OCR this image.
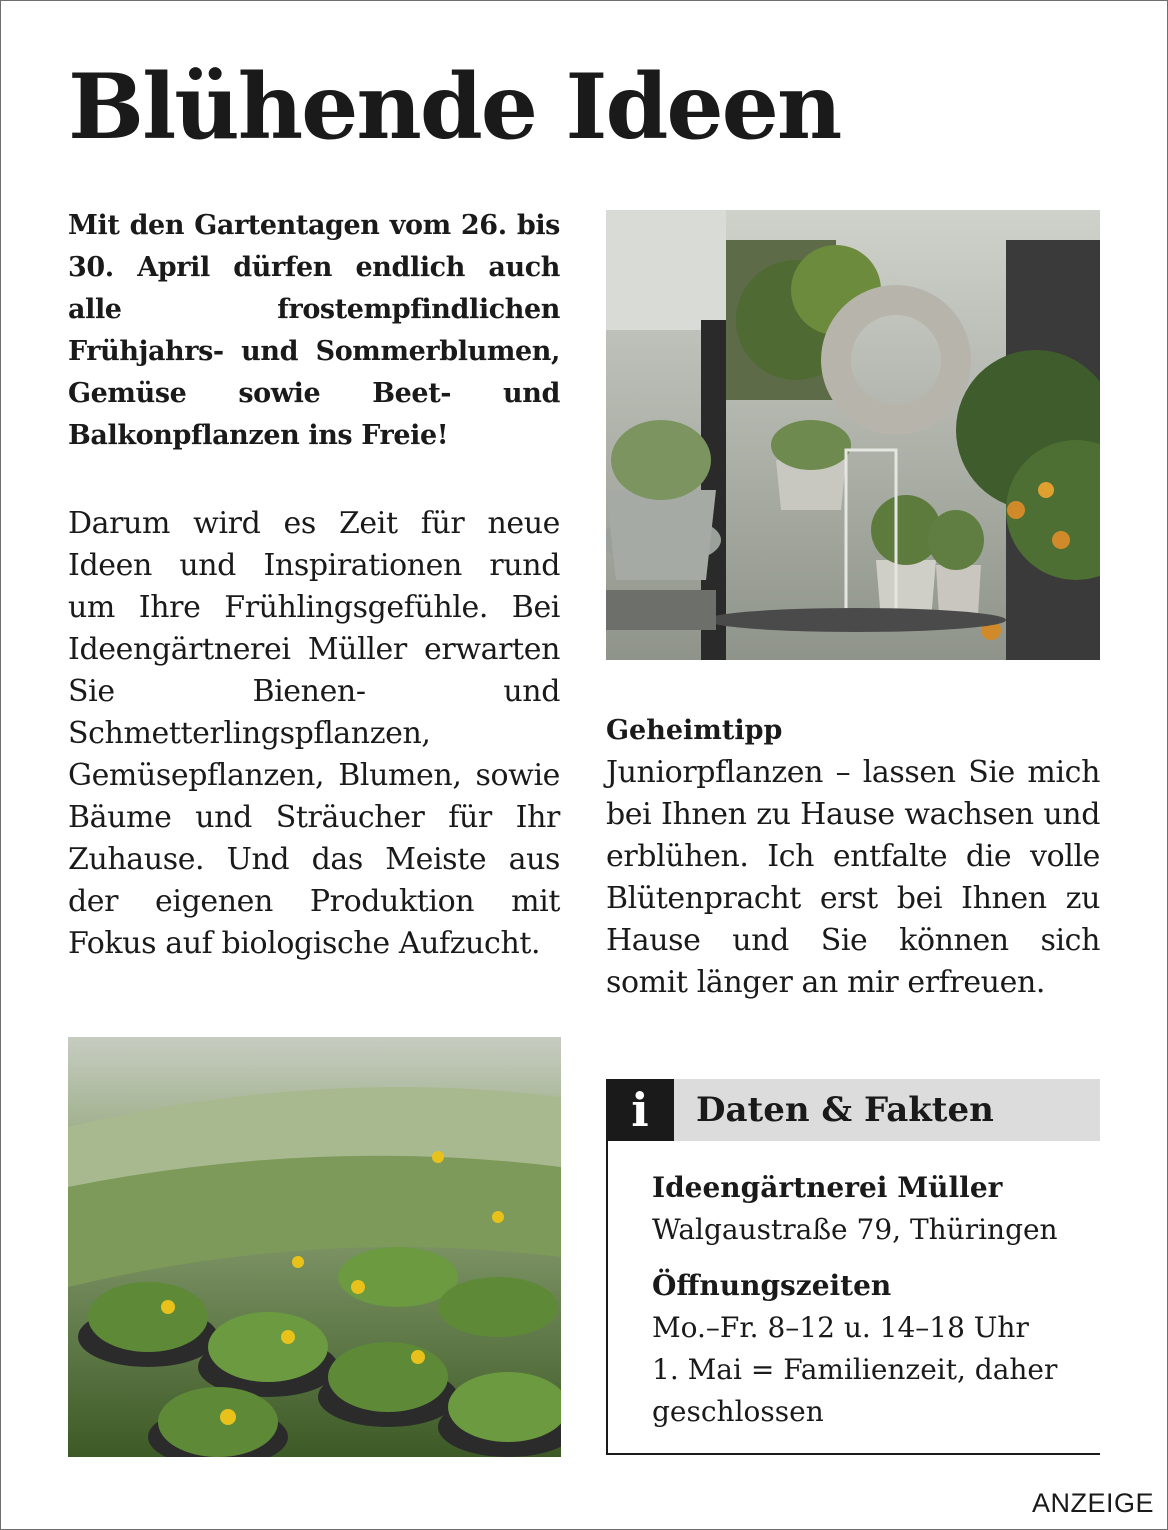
Blühende Ideen

Mit den Gartentagen vom 26. bis 30. April dürfen endlich auch alle frostempfindlichen Frühjahrs- und Sommerblumen, Gemüse sowie Beet- und Balkonpflanzen ins Freie!

Darum wird es Zeit für neue Ideen und Inspirationen rund um Ihre Frühlingsgefühle. Bei Ideengärtnerei Müller erwarten Sie Bienen- und Schmetterlingspflanzen, Gemüsepflanzen, Blumen, sowie Bäume und Sträucher für Ihr Zuhause. Und das Meiste aus der eigenen Produktion mit Fokus auf biologische Aufzucht.

Geheimtipp

Juniorpflanzen – lassen Sie mich bei Ihnen zu Hause wachsen und erblühen. Ich entfalte die volle Blütenpracht erst bei Ihnen zu Hause und Sie können sich somit länger an mir erfreuen.

i	Daten & Fakten

Ideengärtnerei Müller

Walgaustraße 79, Thüringen

Öffnungszeiten

Mo.–Fr. 8–12 u. 14–18 Uhr

1. Mai = Familienzeit, daher

geschlossen

ANZEIGE
